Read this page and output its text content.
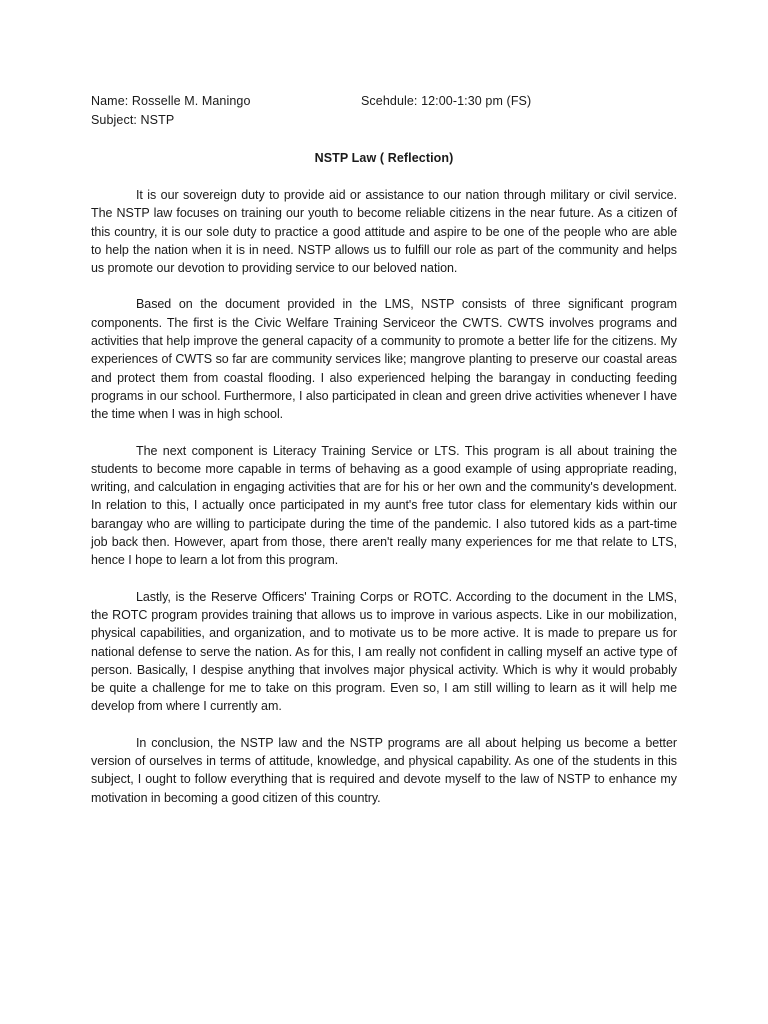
Name: Rosselle M. Maningo	Scehdule: 12:00-1:30 pm (FS)
Subject: NSTP
NSTP Law ( Reflection)

It is our sovereign duty to provide aid or assistance to our nation through military or civil service. The NSTP law focuses on training our youth to become reliable citizens in the near future. As a citizen of this country, it is our sole duty to practice a good attitude and aspire to be one of the people who are able to help the nation when it is in need. NSTP allows us to fulfill our role as part of the community and helps us promote our devotion to providing service to our beloved nation.

Based on the document provided in the LMS, NSTP consists of three significant program components. The first is the Civic Welfare Training Serviceor the CWTS. CWTS involves programs and activities that help improve the general capacity of a community to promote a better life for the citizens. My experiences of CWTS so far are community services like; mangrove planting to preserve our coastal areas and protect them from coastal flooding. I also experienced helping the barangay in conducting feeding programs in our school. Furthermore, I also participated in clean and green drive activities whenever I have the time when I was in high school.

The next component is Literacy Training Service or LTS. This program is all about training the students to become more capable in terms of behaving as a good example of using appropriate reading, writing, and calculation in engaging activities that are for his or her own and the community's development. In relation to this, I actually once participated in my aunt's free tutor class for elementary kids within our barangay who are willing to participate during the time of the pandemic. I also tutored kids as a part-time job back then. However, apart from those, there aren't really many experiences for me that relate to LTS, hence I hope to learn a lot from this program.

Lastly, is the Reserve Officers' Training Corps or ROTC. According to the document in the LMS, the ROTC program provides training that allows us to improve in various aspects. Like in our mobilization, physical capabilities, and organization, and to motivate us to be more active. It is made to prepare us for national defense to serve the nation. As for this, I am really not confident in calling myself an active type of person. Basically, I despise anything that involves major physical activity. Which is why it would probably be quite a challenge for me to take on this program. Even so, I am still willing to learn as it will help me develop from where I currently am.

In conclusion, the NSTP law and the NSTP programs are all about helping us become a better version of ourselves in terms of attitude, knowledge, and physical capability. As one of the students in this subject, I ought to follow everything that is required and devote myself to the law of NSTP to enhance my motivation in becoming a good citizen of this country.
